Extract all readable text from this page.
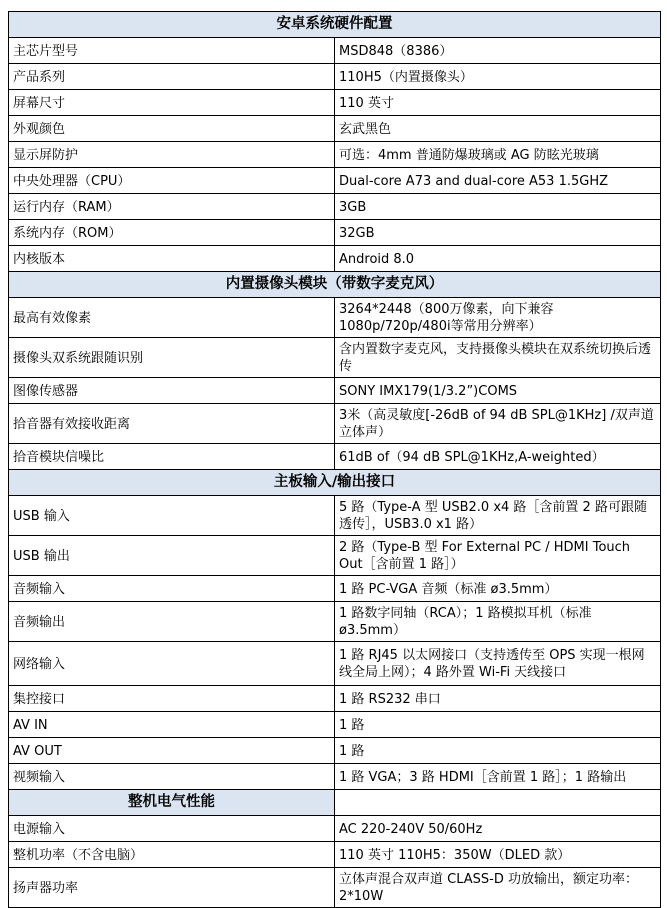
安卓系统硬件配置	
主芯片型号	MSD848（8386）
产品系列	110H5（内置摄像头）
屏幕尺寸	110 英寸
外观颜色	玄武黑色
显示屏防护	可选：4mm 普通防爆玻璃或 AG 防眩光玻璃
中央处理器（CPU）	Dual-core A73 and dual-core A53 1.5GHZ
运行内存（RAM）	3GB
系统内存（ROM）	32GB
内核版本	Android 8.0
内置摄像头模块（带数字麦克风）	
最高有效像素	3264*2448（800万像素，向下兼容1080p/720p/480i等常用分辨率）
摄像头双系统跟随识别	含内置数字麦克风，支持摄像头模块在双系统切换后透传
图像传感器	SONY IMX179(1/3.2”)COMS
拾音器有效接收距离	3米（高灵敏度[-26dB of 94 dB SPL@1KHz] /双声道立体声）
拾音模块信噪比	61dB of（94 dB SPL@1KHz,A-weighted）
主板输入/输出接口	
USB 输入	5 路（Type-A 型 USB2.0 x4 路［含前置 2 路可跟随透传］，USB3.0 x1 路）
USB 输出	2 路（Type-B 型 For External PC / HDMI Touch Out［含前置 1 路］）
音频输入	1 路 PC-VGA 音频（标准 ø3.5mm）
音频输出	1 路数字同轴（RCA）；1 路模拟耳机（标准 ø3.5mm）
网络输入	1 路 RJ45 以太网接口（支持透传至 OPS 实现一根网线全局上网）；4 路外置 Wi-Fi 天线接口
集控接口	1 路 RS232 串口
AV IN	1 路
AV OUT	1 路
视频输入	1 路 VGA；3 路 HDMI［含前置 1 路］；1 路输出
整机电气性能	
电源输入	AC 220-240V 50/60Hz
整机功率（不含电脑）	110 英寸 110H5：350W（DLED 款）
扬声器功率	立体声混合双声道 CLASS-D 功放输出，额定功率：2*10W
